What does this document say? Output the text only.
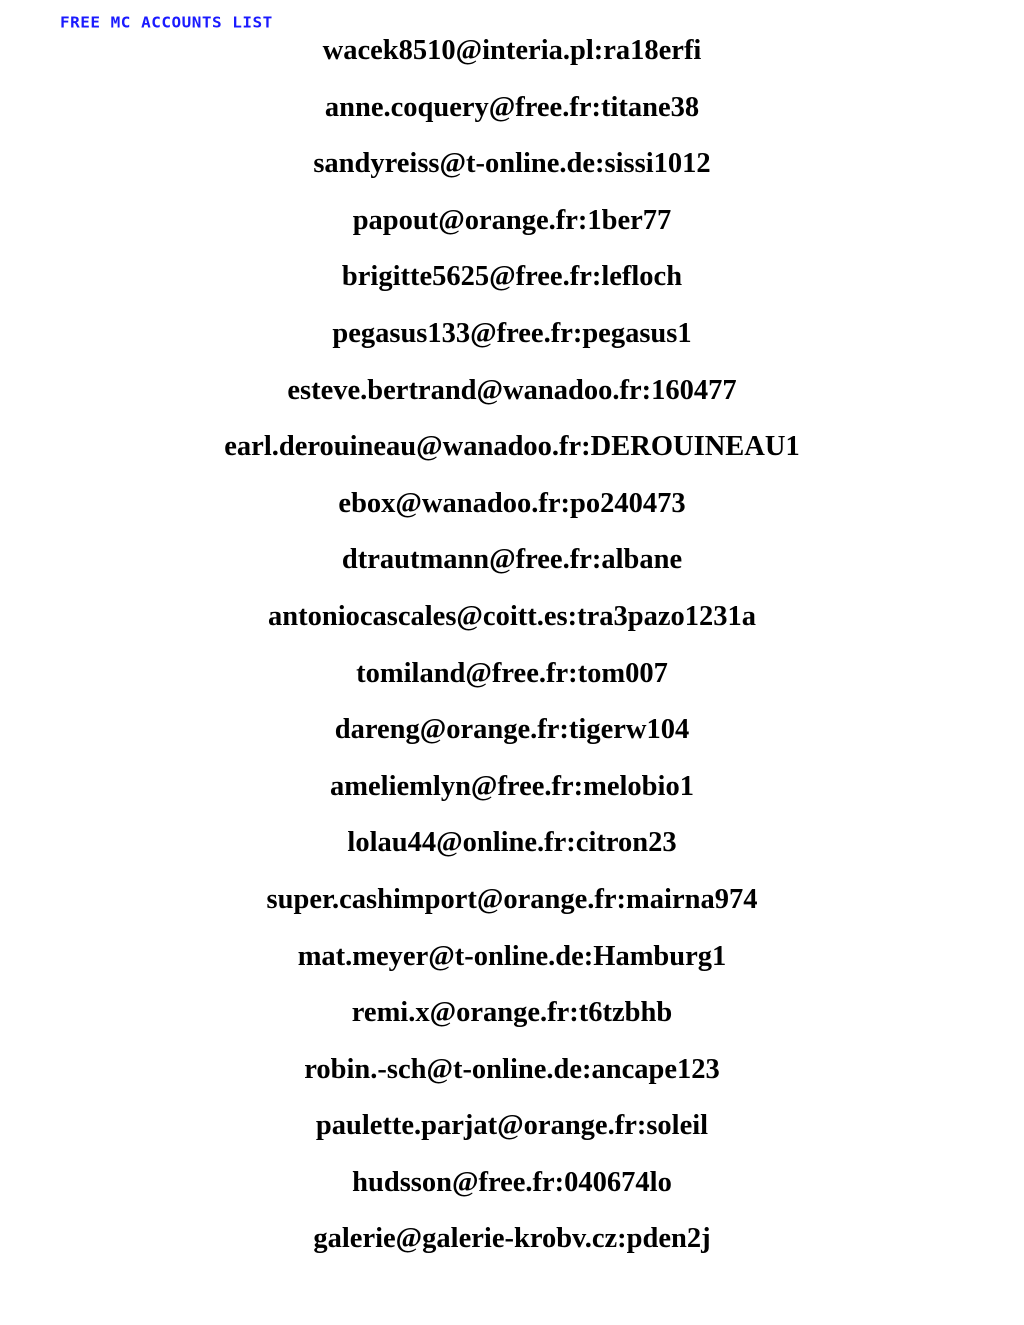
FREE MC ACCOUNTS LIST
wacek8510@interia.pl:ra18erfi
anne.coquery@free.fr:titane38
sandyreiss@t-online.de:sissi1012
papout@orange.fr:1ber77
brigitte5625@free.fr:lefloch
pegasus133@free.fr:pegasus1
esteve.bertrand@wanadoo.fr:160477
earl.derouineau@wanadoo.fr:DEROUINEAU1
ebox@wanadoo.fr:po240473
dtrautmann@free.fr:albane
antoniocascales@coitt.es:tra3pazo1231a
tomiland@free.fr:tom007
dareng@orange.fr:tigerw104
ameliemlyn@free.fr:melobio1
lolau44@online.fr:citron23
super.cashimport@orange.fr:mairna974
mat.meyer@t-online.de:Hamburg1
remi.x@orange.fr:t6tzbhb
robin.-sch@t-online.de:ancape123
paulette.parjat@orange.fr:soleil
hudsson@free.fr:040674lo
galerie@galerie-krobv.cz:pden2j
